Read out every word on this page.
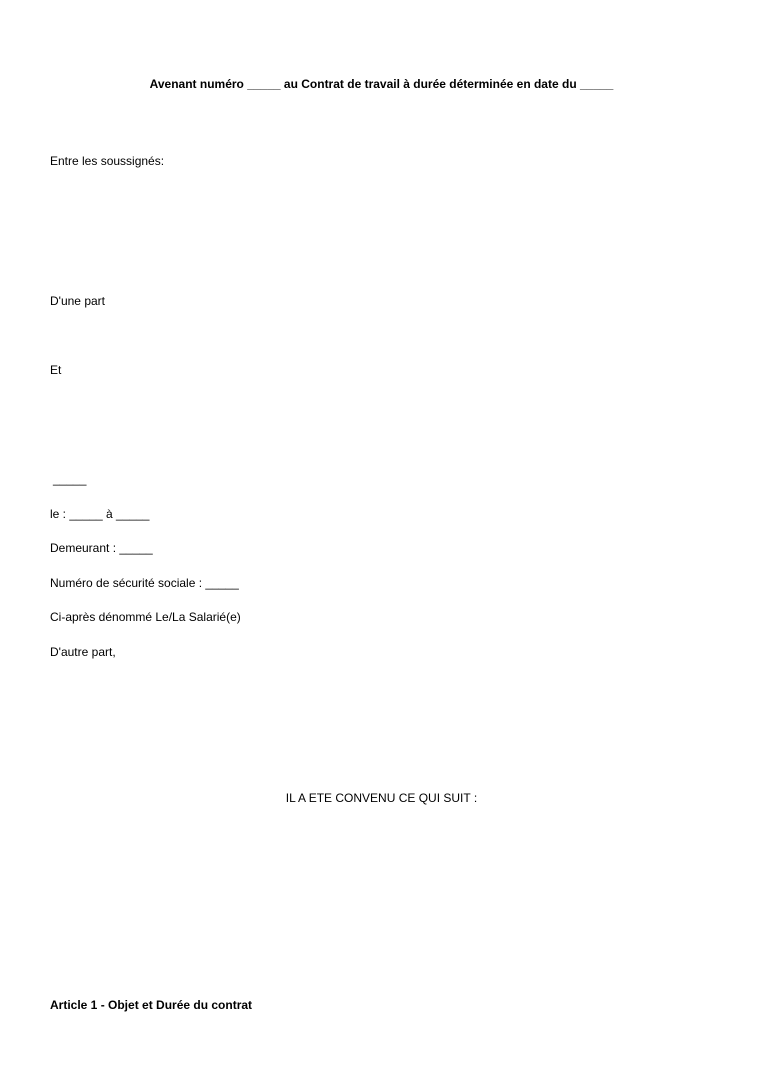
Avenant numéro _____ au Contrat de travail à durée déterminée en date du _____
Entre les soussignés:
D'une part
Et
_____
le : _____ à _____
Demeurant : _____
Numéro de sécurité sociale : _____
Ci-après dénommé Le/La Salarié(e)
D'autre part,
IL A ETE CONVENU CE QUI SUIT :
Article 1 - Objet et Durée du contrat
